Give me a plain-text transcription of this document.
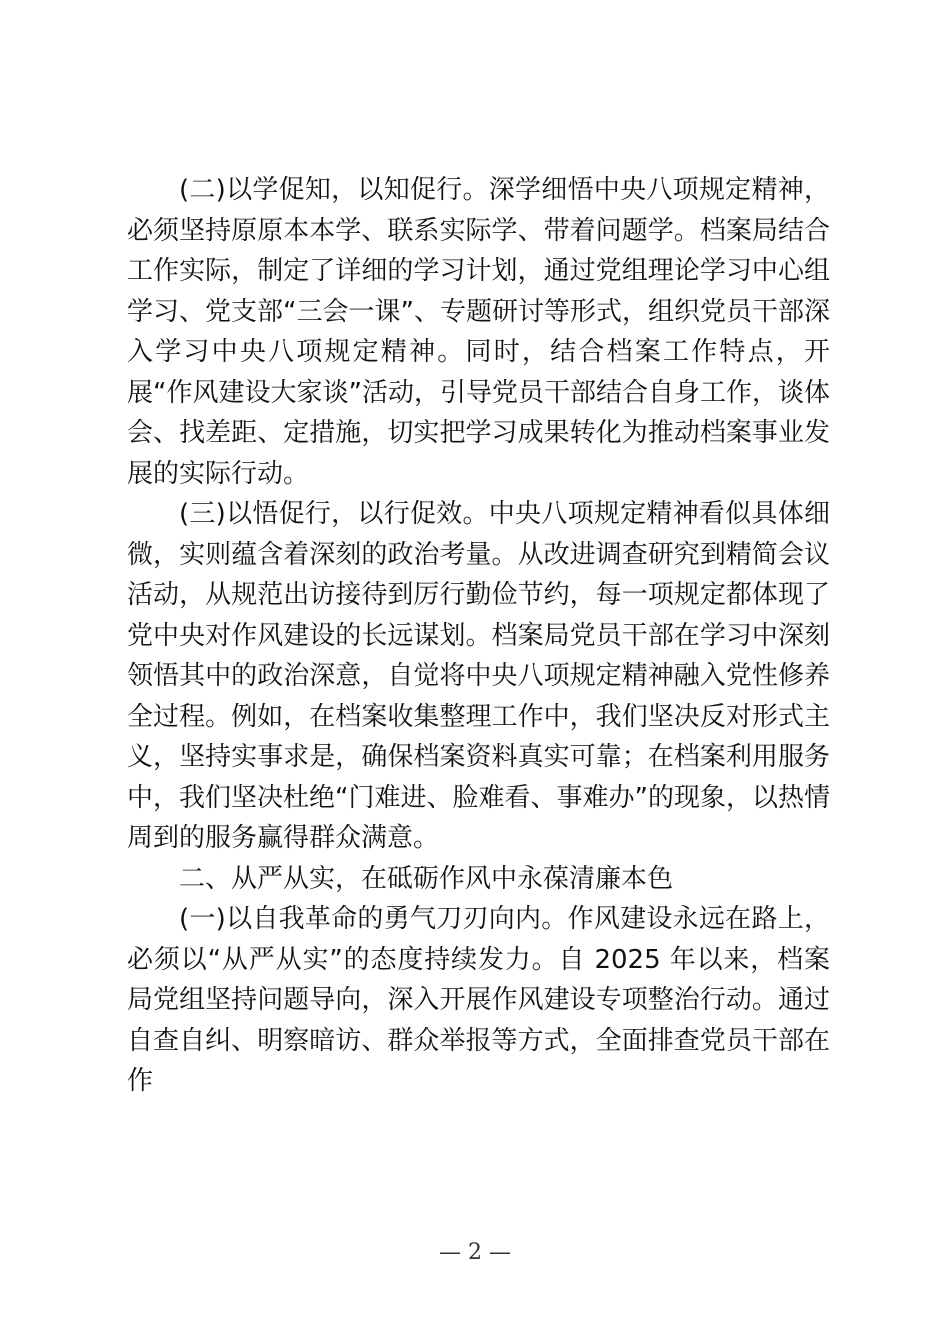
(二)以学促知，以知促行。深学细悟中央八项规定精神，必须坚持原原本本学、联系实际学、带着问题学。档案局结合工作实际，制定了详细的学习计划，通过党组理论学习中心组学习、党支部“三会一课”、专题研讨等形式，组织党员干部深入学习中央八项规定精神。同时，结合档案工作特点，开展“作风建设大家谈”活动，引导党员干部结合自身工作，谈体会、找差距、定措施，切实把学习成果转化为推动档案事业发展的实际行动。

(三)以悟促行，以行促效。中央八项规定精神看似具体细微，实则蕴含着深刻的政治考量。从改进调查研究到精简会议活动，从规范出访接待到厉行勤俭节约，每一项规定都体现了党中央对作风建设的长远谋划。档案局党员干部在学习中深刻领悟其中的政治深意，自觉将中央八项规定精神融入党性修养全过程。例如，在档案收集整理工作中，我们坚决反对形式主义，坚持实事求是，确保档案资料真实可靠；在档案利用服务中，我们坚决杜绝“门难进、脸难看、事难办”的现象，以热情周到的服务赢得群众满意。

二、从严从实，在砥砺作风中永葆清廉本色

(一)以自我革命的勇气刀刃向内。作风建设永远在路上，必须以“从严从实”的态度持续发力。自 2025 年以来，档案局党组坚持问题导向，深入开展作风建设专项整治行动。通过自查自纠、明察暗访、群众举报等方式，全面排查党员干部在作

— 2 —
